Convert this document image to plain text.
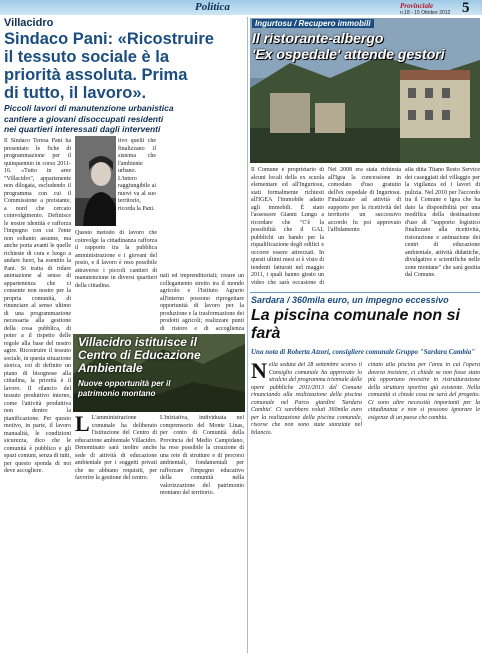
Politica	Provinciale
n.18 - 15 Ottobre 2012 5
Villacidro
Sindaco Pani: «Ricostruire
il tessuto sociale è la
priorità assoluta. Prima
di tutto, il lavoro».
Piccoli lavori di manutenzione urbanistica
cantiere a giovani disoccupati residenti
nei quartieri interessati dagli interventi
Il Sindaco Teresa Pani ha presentato le fiche di programmazione per il quinquennio in corso 2011-16. «Tutto in aree "Villacidro", appartenente non dilogata, escludendo il programma con cui il Commissione a preistante, a nord che cercato coinvolgimento. Definisce le nostre identità e rafforza l'impegno con cui l'ente non soltanto assume, ma anche porta avanti le quelle richieste di cura e luogo a andare fuori, ha esentito la Pani. Si tratta di ridare animazione al senso di appartenenza che ci consente non nostre per la propria comunità, di rinunciare al senso ultimo di una programmazione necessaria alla gestione della cosa pubblica, di poter a il rispetto delle regole alla base del nostro agire. Ricostruire il tessuto sociale, in questa situazione storica, coi di definire un piano di bisognose alla cittadina, la priorità è il lavoro. Il rilancio del tessuto produttivo interno, come l'attività produttiva non dentro la pianificazione. Per questo motivo, in parte, il lavoro manualità, le condizioni sicurezza, dico che le comunità è pubblico e gli spazi comuni, senza di tutti, per questo sponda di noi deve accogliere.
tivo quelli che finalizzano il sistema che l'ambiente urbano. L'intero raggiungibile ai nuovi va al suo territorio, ricorda la Pani.
Questo metodo di lavoro che coinvolge la cittadinanza rafforza il rapporto tra la pubblica amministrazione e i giovani del posto, e il lavoro è reso possibile attraverso i piccoli cantieri di manutenzione in diversi quartieri della cittadina.
nali ed imprenditoriali; creare un collegamento stretto tra il mondo agricolo e l'Istituto Agrario all'interno possono riprogettare opportunità di lavoro per la produzione e la trasformazione dei prodotti agricoli; realizzare punti di ristoro e di accoglienza
Villacidro istituisce il
Centro di Educazione
Ambientale
Nuove opportunità per il
patrimonio montano
L L'amministrazione comunale ha deliberato l'istituzione del Centro di educazione ambientale Villacidro. Denominato sarà inoltre anche sede di attività di educazione ambientale per i soggetti privati che ne abbiano requisiti, per favorire la gestione del centro.
L'iniziativa, individuata nel comprensorio del Monte Linas, per conto di Comunità della Provincia del Medio Campidano, ha reso possibile la creazione di una rete di strutture e di percorsi ambientali, fondamentali per rafforzare l'impegno educativo della comunità nella valorizzazione del patrimonio montano del territorio.
Ingurtosu / Recupero immobili
Il ristorante-albergo
'Ex ospedale' attende gestori
Il Comune è proprietario di alcuni locali della ex scuola elementare ed all'Ingurtosu, stati formalmente richiesti all'IGEA l'immobile adatto agli immobili. È stato l'assessore Gianni Lungu a ricordare che "C'è la possibilità che il GAL pubblichi un bando per la riqualificazione degli edifici e occorre essere attrezzati. In questi ultimi mesi si è visto di tendenti fatturati nel maggio 2011, i quali hanno girato un video che sarà occasione di
Nel 2008 era stata richiesta all'Igea la concessione in comodato d'uso gratuito dell'ex ospedale di Ingurtosu. Finalizzato ad attività di supporto per la ricettività del territorio un successivo accordo fu poi approvato l'affidamento
alla ditta Titano Resto Service dei caseggiati del villaggio per la vigilanza ed i lavori di pulizia. Nel 2010 per l'accordo tra il Comune e Igea che ha dato la disponibilità per una modifica della destinazione d'uso di "supporto logistico finalizzato alla ricettività, ristorazione e animazione dei centri di educazione ambientale, attività didattiche, divulgative e scientifiche nelle zone montane" che sarà gestita dal Comune.
Sardara / 360mila euro, un impegno eccessivo
La piscina comunale non si farà
Una nota di Roberta Atzori, consigliere comunale Gruppo "Sardara Cambia"
N ella seduta del 28 settembre scorso il Consiglio comunale ha approvato lo stralcio del programma triennale delle opere pubbliche 2011/2013 del Comune rinunciando alla realizzazione della piscina comunale nel Parco giardini 'Sardara Cambia'. Ci sarebbero voluti 360mila euro per la realizzazione della piscina comunale, risorse che non sono state stanziate nel bilancio.
cinato alla piscina per l'area in cui l'opera doveva insistere, ci chiede se non fosse stato più opportuno investire in ristrutturazione della struttura sportiva già esistente. Nella comunità si chiede cosa ne sarà del progetto. Ci sono altre necessità importanti per la cittadinanza e non si possono ignorare le esigenze di un paese che cambia.
